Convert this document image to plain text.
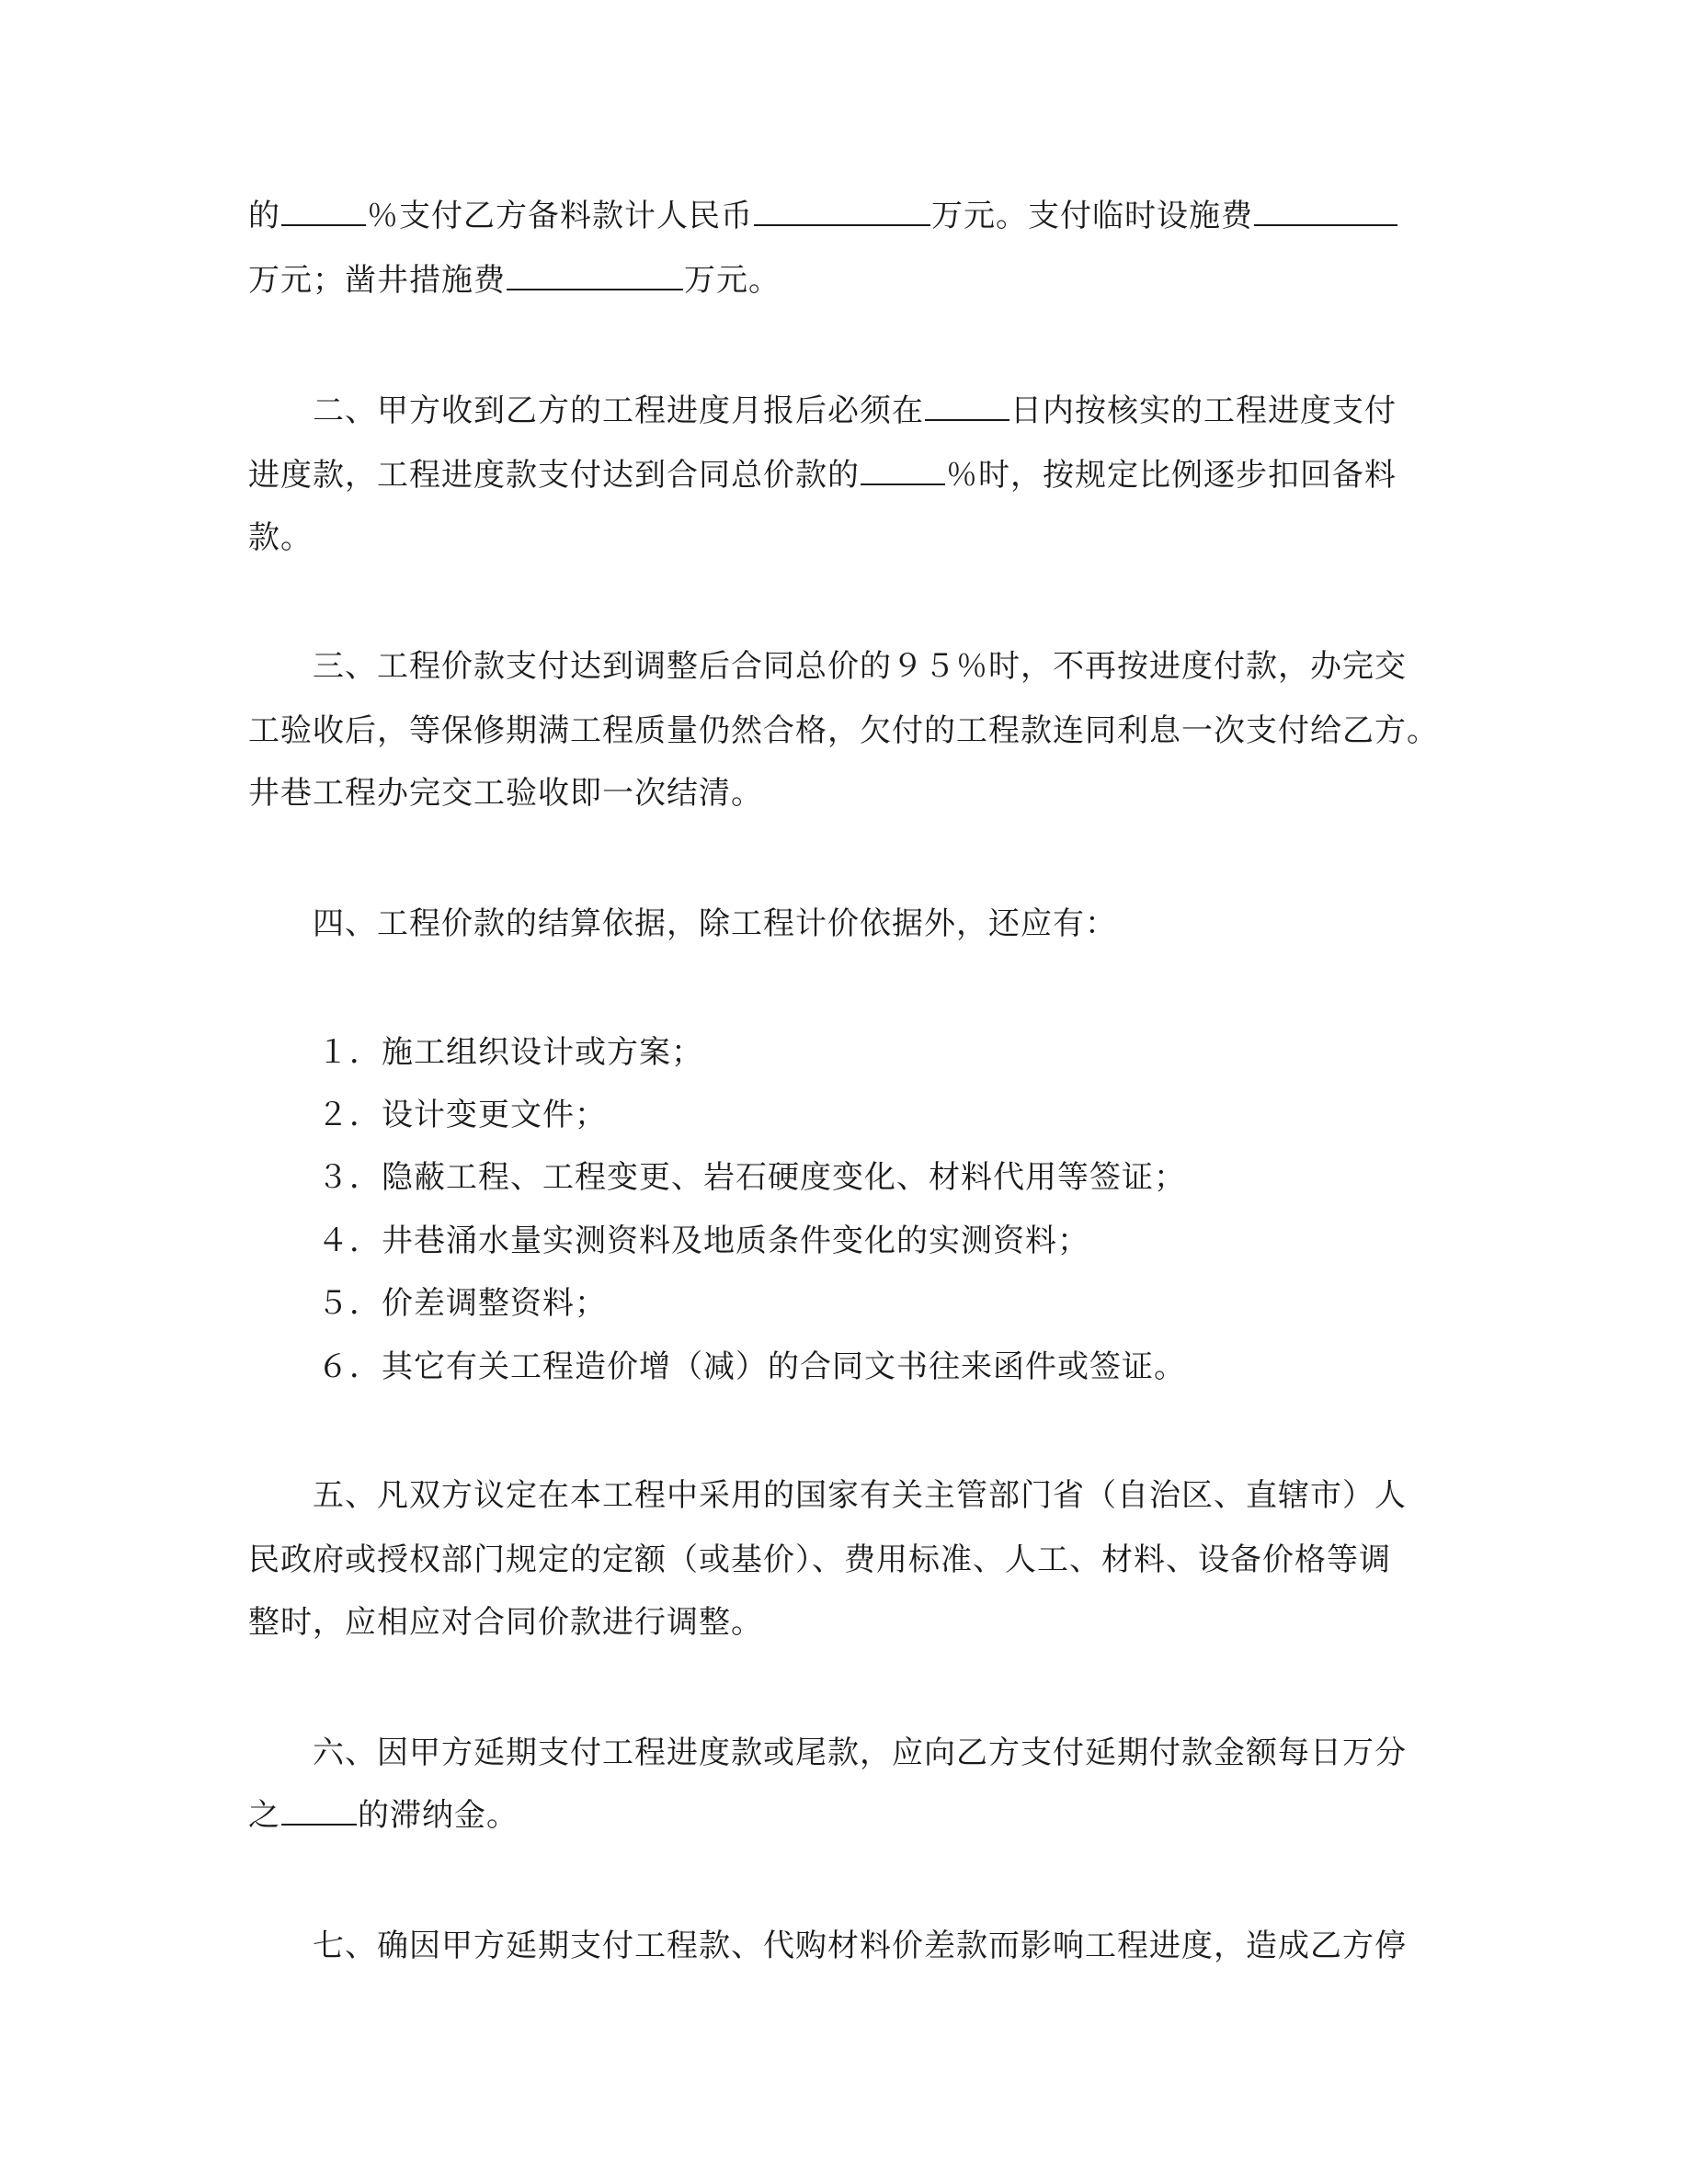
的	％支付乙方备料款计人民币	万元。支付临时设施费
万元；凿井措施费	万元。
二、甲方收到乙方的工程进度月报后必须在	日内按核实的工程进度支付
进度款，工程进度款支付达到合同总价款的	％时，按规定比例逐步扣回备料
款。
三、工程价款支付达到调整后合同总价的９５％时，不再按进度付款，办完交
工验收后，等保修期满工程质量仍然合格，欠付的工程款连同利息一次支付给乙方。
井巷工程办完交工验收即一次结清。
四、工程价款的结算依据，除工程计价依据外，还应有：
１．施工组织设计或方案；
２．设计变更文件；
３．隐蔽工程、工程变更、岩石硬度变化、材料代用等签证；
４．井巷涌水量实测资料及地质条件变化的实测资料；
５．价差调整资料；
６．其它有关工程造价增（减）的合同文书往来函件或签证。
五、凡双方议定在本工程中采用的国家有关主管部门省（自治区、直辖市）人
民政府或授权部门规定的定额（或基价）、费用标准、人工、材料、设备价格等调
整时，应相应对合同价款进行调整。
六、因甲方延期支付工程进度款或尾款，应向乙方支付延期付款金额每日万分
之 的滞纳金。
七、确因甲方延期支付工程款、代购材料价差款而影响工程进度，造成乙方停
